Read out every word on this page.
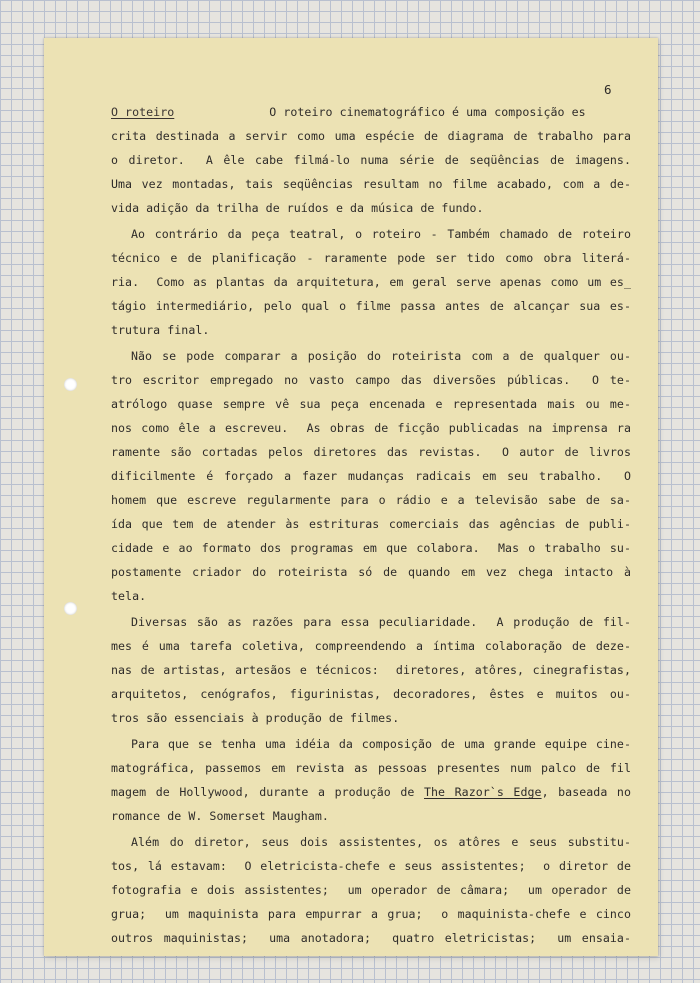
6
O roteiro	O roteiro cinematográfico é uma composição es
crita destinada a servir como uma espécie de diagrama de trabalho para
o diretor.  A êle cabe filmá-lo numa série de seqüências de imagens.
Uma vez montadas, tais seqüências resultam no filme acabado, com a de-
vida adição da trilha de ruídos e da música de fundo.
Ao contrário da peça teatral, o roteiro - Também chamado de roteiro
técnico e de planificação - raramente pode ser tido como obra literá-
ria.  Como as plantas da arquitetura, em geral serve apenas como um es_
tágio intermediário, pelo qual o filme passa antes de alcançar sua es-
trutura final.
Não se pode comparar a posição do roteirista com a de qualquer ou-
tro escritor empregado no vasto campo das diversões públicas.  O te-
atrólogo quase sempre vê sua peça encenada e representada mais ou me-
nos como êle a escreveu.  As obras de ficção publicadas na imprensa ra
ramente são cortadas pelos diretores das revistas.  O autor de livros
dificilmente é forçado a fazer mudanças radicais em seu trabalho.  O
homem que escreve regularmente para o rádio e a televisão sabe de sa-
ída que tem de atender às estrituras comerciais das agências de publi-
cidade e ao formato dos programas em que colabora.  Mas o trabalho su-
postamente criador do roteirista só de quando em vez chega intacto à
tela.
Diversas são as razões para essa peculiaridade.  A produção de fil-
mes é uma tarefa coletiva, compreendendo a íntima colaboração de deze-
nas de artistas, artesãos e técnicos:  diretores, atôres, cinegrafistas,
arquitetos, cenógrafos, figurinistas, decoradores, êstes e muitos ou-
tros são essenciais à produção de filmes.
Para que se tenha uma idéia da composição de uma grande equipe cine-
matográfica, passemos em revista as pessoas presentes num palco de fil
magem de Hollywood, durante a produção de The Razor`s Edge, baseada no
romance de W. Somerset Maugham.
Além do diretor, seus dois assistentes, os atôres e seus substitu-
tos, lá estavam:  O eletricista-chefe e seus assistentes;  o diretor de
fotografia e dois assistentes;  um operador de câmara;  um operador de
grua;  um maquinista para empurrar a grua;  o maquinista-chefe e cinco
outros maquinistas;  uma anotadora;  quatro eletricistas;  um ensaia-
